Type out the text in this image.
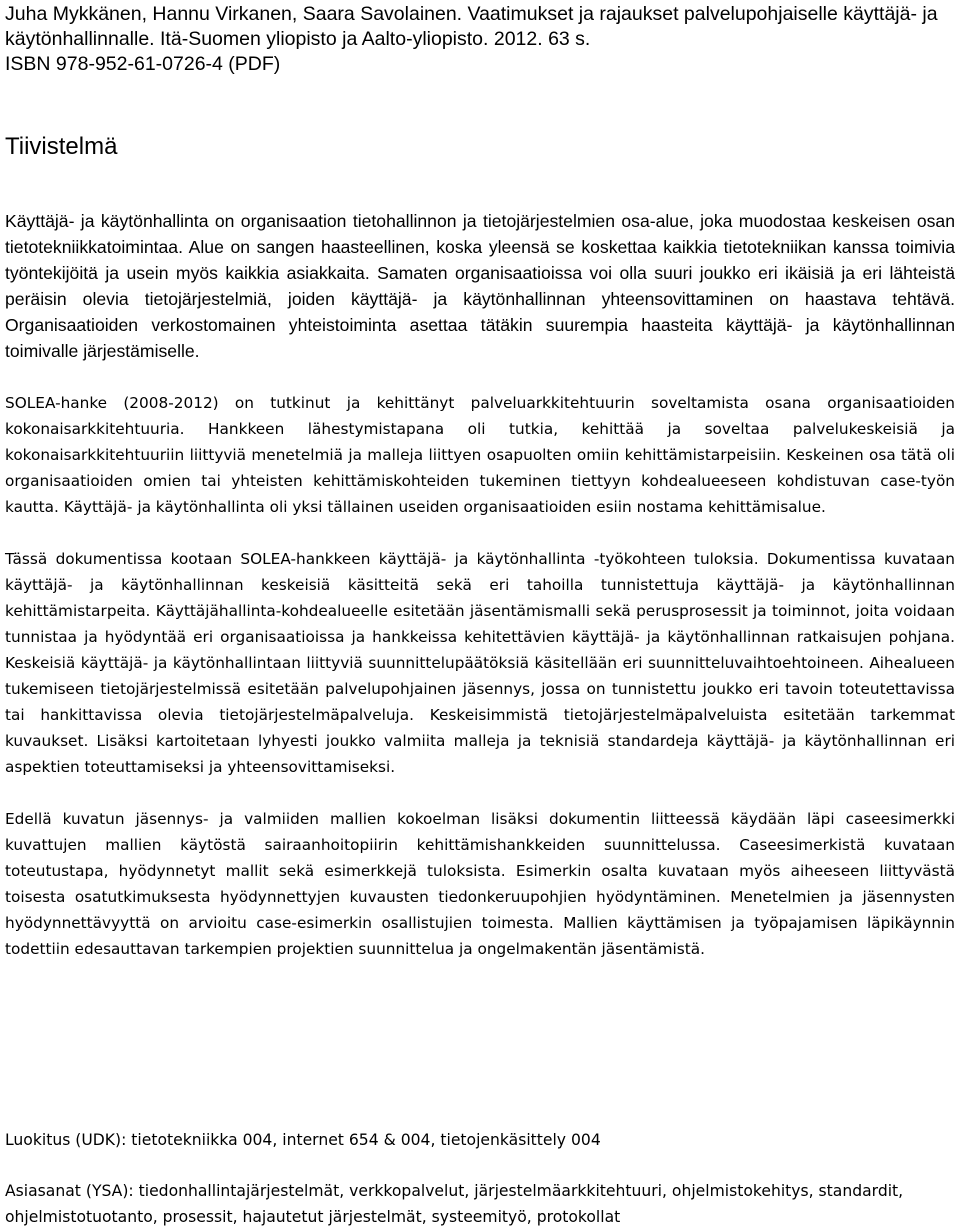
Juha Mykkänen, Hannu Virkanen, Saara Savolainen. Vaatimukset ja rajaukset palvelupohjaiselle käyttäjä- ja
käytönhallinnalle. Itä-Suomen yliopisto ja Aalto-yliopisto. 2012. 63 s.
ISBN 978-952-61-0726-4 (PDF)
Tiivistelmä

Käyttäjä- ja käytönhallinta on organisaation tietohallinnon ja tietojärjestelmien osa-alue, joka muodostaa keskeisen osan tietotekniikkatoimintaa. Alue on sangen haasteellinen, koska yleensä se koskettaa kaikkia tietotekniikan kanssa toimivia työntekijöitä ja usein myös kaikkia asiakkaita. Samaten organisaatioissa voi olla suuri joukko eri ikäisiä ja eri lähteistä peräisin olevia tietojärjestelmiä, joiden käyttäjä- ja käytönhallinnan yhteensovittaminen on haastava tehtävä. Organisaatioiden verkostomainen yhteistoiminta asettaa tätäkin suurempia haasteita käyttäjä- ja käytönhallinnan toimivalle järjestämiselle.

SOLEA-hanke (2008-2012) on tutkinut ja kehittänyt palveluarkkitehtuurin soveltamista osana organisaatioiden kokonaisarkkitehtuuria. Hankkeen lähestymistapana oli tutkia, kehittää ja soveltaa palvelukeskeisiä ja kokonaisarkkitehtuuriin liittyviä menetelmiä ja malleja liittyen osapuolten omiin kehittämistarpeisiin. Keskeinen osa tätä oli organisaatioiden omien tai yhteisten kehittämiskohteiden tukeminen tiettyyn kohdealueeseen kohdistuvan case-työn kautta. Käyttäjä- ja käytönhallinta oli yksi tällainen useiden organisaatioiden esiin nostama kehittämisalue.

Tässä dokumentissa kootaan SOLEA-hankkeen käyttäjä- ja käytönhallinta -työkohteen tuloksia. Dokumentissa kuvataan käyttäjä- ja käytönhallinnan keskeisiä käsitteitä sekä eri tahoilla tunnistettuja käyttäjä- ja käytönhallinnan kehittämistarpeita. Käyttäjähallinta-kohdealueelle esitetään jäsentämismalli sekä perusprosessit ja toiminnot, joita voidaan tunnistaa ja hyödyntää eri organisaatioissa ja hankkeissa kehitettävien käyttäjä- ja käytönhallinnan ratkaisujen pohjana. Keskeisiä käyttäjä- ja käytönhallintaan liittyviä suunnittelupäätöksiä käsitellään eri suunnitteluvaihtoehtoineen. Aihealueen tukemiseen tietojärjestelmissä esitetään palvelupohjainen jäsennys, jossa on tunnistettu joukko eri tavoin toteutettavissa tai hankittavissa olevia tietojärjestelmäpalveluja. Keskeisimmistä tietojärjestelmäpalveluista esitetään tarkemmat kuvaukset. Lisäksi kartoitetaan lyhyesti joukko valmiita malleja ja teknisiä standardeja käyttäjä- ja käytönhallinnan eri aspektien toteuttamiseksi ja yhteensovittamiseksi.

Edellä kuvatun jäsennys- ja valmiiden mallien kokoelman lisäksi dokumentin liitteessä käydään läpi caseesimerkki kuvattujen mallien käytöstä sairaanhoitopiirin kehittämishankkeiden suunnittelussa. Caseesimerkistä kuvataan toteutustapa, hyödynnetyt mallit sekä esimerkkejä tuloksista. Esimerkin osalta kuvataan myös aiheeseen liittyvästä toisesta osatutkimuksesta hyödynnettyjen kuvausten tiedonkeruupohjien hyödyntäminen. Menetelmien ja jäsennysten hyödynnettävyyttä on arvioitu case-esimerkin osallistujien toimesta. Mallien käyttämisen ja työpajamisen läpikäynnin todettiin edesauttavan tarkempien projektien suunnittelua ja ongelmakentän jäsentämistä.

Luokitus (UDK): tietotekniikka 004, internet 654 & 004, tietojenkäsittely 004

Asiasanat (YSA): tiedonhallintajärjestelmät, verkkopalvelut, järjestelmäarkkitehtuuri, ohjelmistokehitys, standardit, ohjelmistotuotanto, prosessit, hajautetut järjestelmät, systeemityö, protokollat
